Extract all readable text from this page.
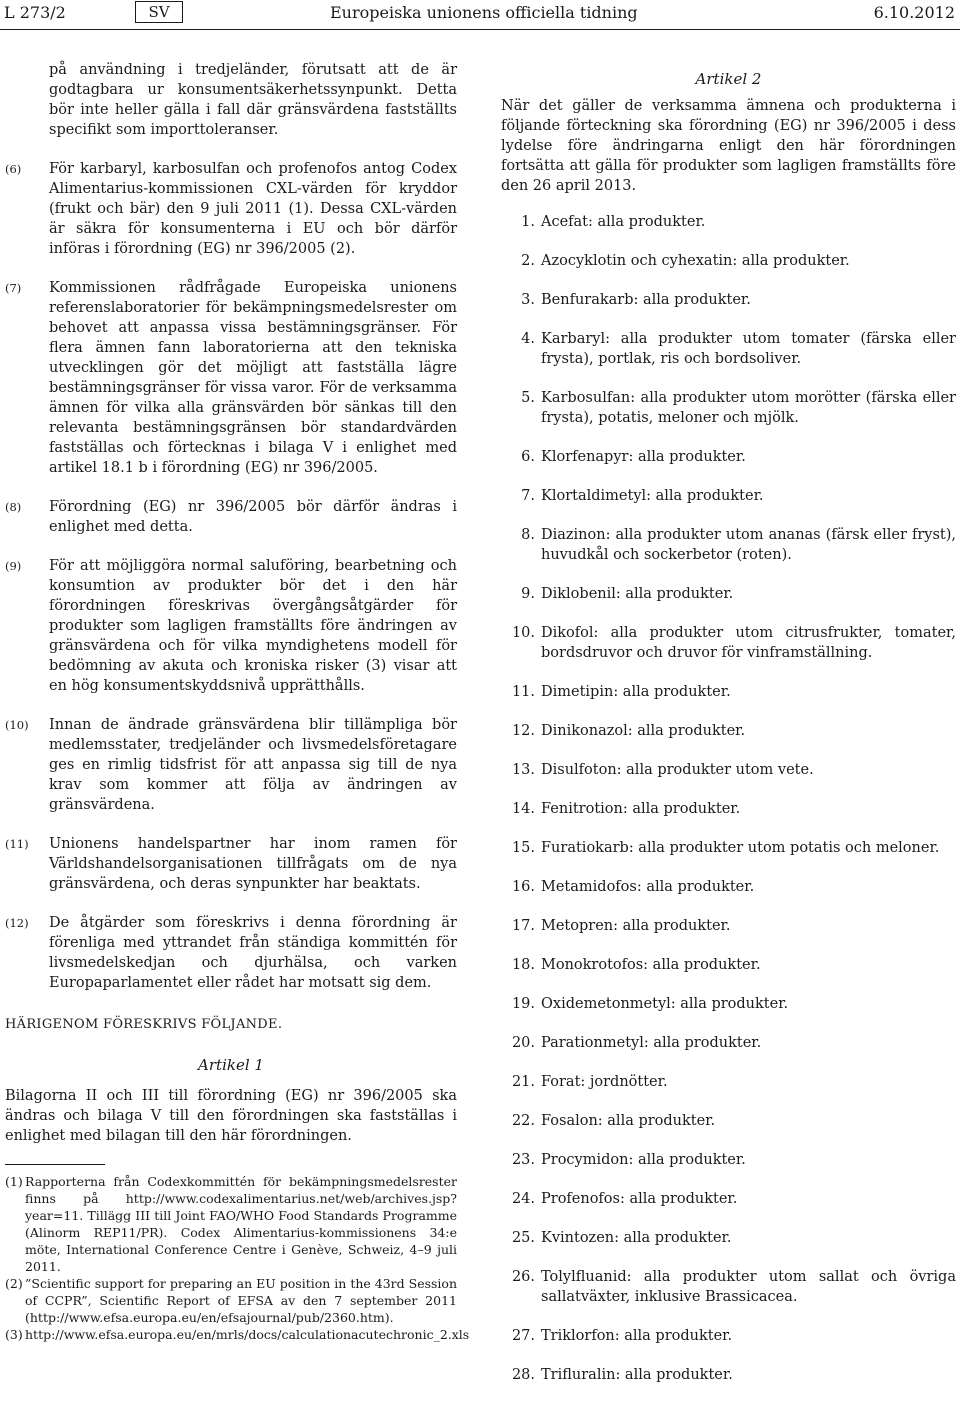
L 273/2	SV	Europeiska unionens officiella tidning	6.10.2012

på användning i tredjeländer, förutsatt att de är godtagbara ur konsumentsäkerhetssynpunkt. Detta bör inte heller gälla i fall där gränsvärdena fastställts specifikt som importtoleranser.

(6)	För karbaryl, karbosulfan och profenofos antog Codex Alimentarius-kommissionen CXL-värden för kryddor (frukt och bär) den 9 juli 2011 (1). Dessa CXL-värden är säkra för konsumenterna i EU och bör därför införas i förordning (EG) nr 396/2005 (2).
(7)	Kommissionen rådfrågade Europeiska unionens referenslaboratorier för bekämpningsmedelsrester om behovet att anpassa vissa bestämningsgränser. För flera ämnen fann laboratorierna att den tekniska utvecklingen gör det möjligt att fastställa lägre bestämningsgränser för vissa varor. För de verksamma ämnen för vilka alla gränsvärden bör sänkas till den relevanta bestämningsgränsen bör standardvärden fastställas och förtecknas i bilaga V i enlighet med artikel 18.1 b i förordning (EG) nr 396/2005.
(8)	Förordning (EG) nr 396/2005 bör därför ändras i enlighet med detta.
(9)	För att möjliggöra normal saluföring, bearbetning och konsumtion av produkter bör det i den här förordningen föreskrivas övergångsåtgärder för produkter som lagligen framställts före ändringen av gränsvärdena och för vilka myndighetens modell för bedömning av akuta och kroniska risker (3) visar att en hög konsumentskyddsnivå upprätthålls.
(10)	Innan de ändrade gränsvärdena blir tillämpliga bör medlemsstater, tredjeländer och livsmedelsföretagare ges en rimlig tidsfrist för att anpassa sig till de nya krav som kommer att följa av ändringen av gränsvärdena.
(11)	Unionens handelspartner har inom ramen för Världshandelsorganisationen tillfrågats om de nya gränsvärdena, och deras synpunkter har beaktats.
(12)	De åtgärder som föreskrivs i denna förordning är förenliga med yttrandet från ständiga kommittén för livsmedelskedjan och djurhälsa, och varken Europaparlamentet eller rådet har motsatt sig dem.
HÄRIGENOM FÖRESKRIVS FÖLJANDE.
Artikel 1

Bilagorna II och III till förordning (EG) nr 396/2005 ska ändras och bilaga V till den förordningen ska fastställas i enlighet med bilagan till den här förordningen.

(1) Rapporterna från Codexkommittén för bekämpningsmedelsrester finns på http://www.codexalimentarius.net/web/archives.jsp?year=11. Tillägg III till Joint FAO/WHO Food Standards Programme (Alinorm REP11/PR). Codex Alimentarius-kommissionens 34:e möte, International Conference Centre i Genève, Schweiz, 4–9 juli 2011.
(2) ”Scientific support for preparing an EU position in the 43rd Session of CCPR”, Scientific Report of EFSA av den 7 september 2011 (http://www.efsa.europa.eu/en/efsajournal/pub/2360.htm).
(3) http://www.efsa.europa.eu/en/mrls/docs/calculationacutechronic_2.xls
Artikel 2

När det gäller de verksamma ämnena och produkterna i följande förteckning ska förordning (EG) nr 396/2005 i dess lydelse före ändringarna enligt den här förordningen fortsätta att gälla för produkter som lagligen framställts före den 26 april 2013.

1. Acefat: alla produkter.
2. Azocyklotin och cyhexatin: alla produkter.
3. Benfurakarb: alla produkter.
4. Karbaryl: alla produkter utom tomater (färska eller frysta), portlak, ris och bordsoliver.
5. Karbosulfan: alla produkter utom morötter (färska eller frysta), potatis, meloner och mjölk.
6. Klorfenapyr: alla produkter.
7. Klortaldimetyl: alla produkter.
8. Diazinon: alla produkter utom ananas (färsk eller fryst), huvudkål och sockerbetor (roten).
9. Diklobenil: alla produkter.
10. Dikofol: alla produkter utom citrusfrukter, tomater, bordsdruvor och druvor för vinframställning.
11. Dimetipin: alla produkter.
12. Dinikonazol: alla produkter.
13. Disulfoton: alla produkter utom vete.
14. Fenitrotion: alla produkter.
15. Furatiokarb: alla produkter utom potatis och meloner.
16. Metamidofos: alla produkter.
17. Metopren: alla produkter.
18. Monokrotofos: alla produkter.
19. Oxidemetonmetyl: alla produkter.
20. Parationmetyl: alla produkter.
21. Forat: jordnötter.
22. Fosalon: alla produkter.
23. Procymidon: alla produkter.
24. Profenofos: alla produkter.
25. Kvintozen: alla produkter.
26. Tolylfluanid: alla produkter utom sallat och övriga sallatväxter, inklusive Brassicacea.
27. Triklorfon: alla produkter.
28. Trifluralin: alla produkter.
